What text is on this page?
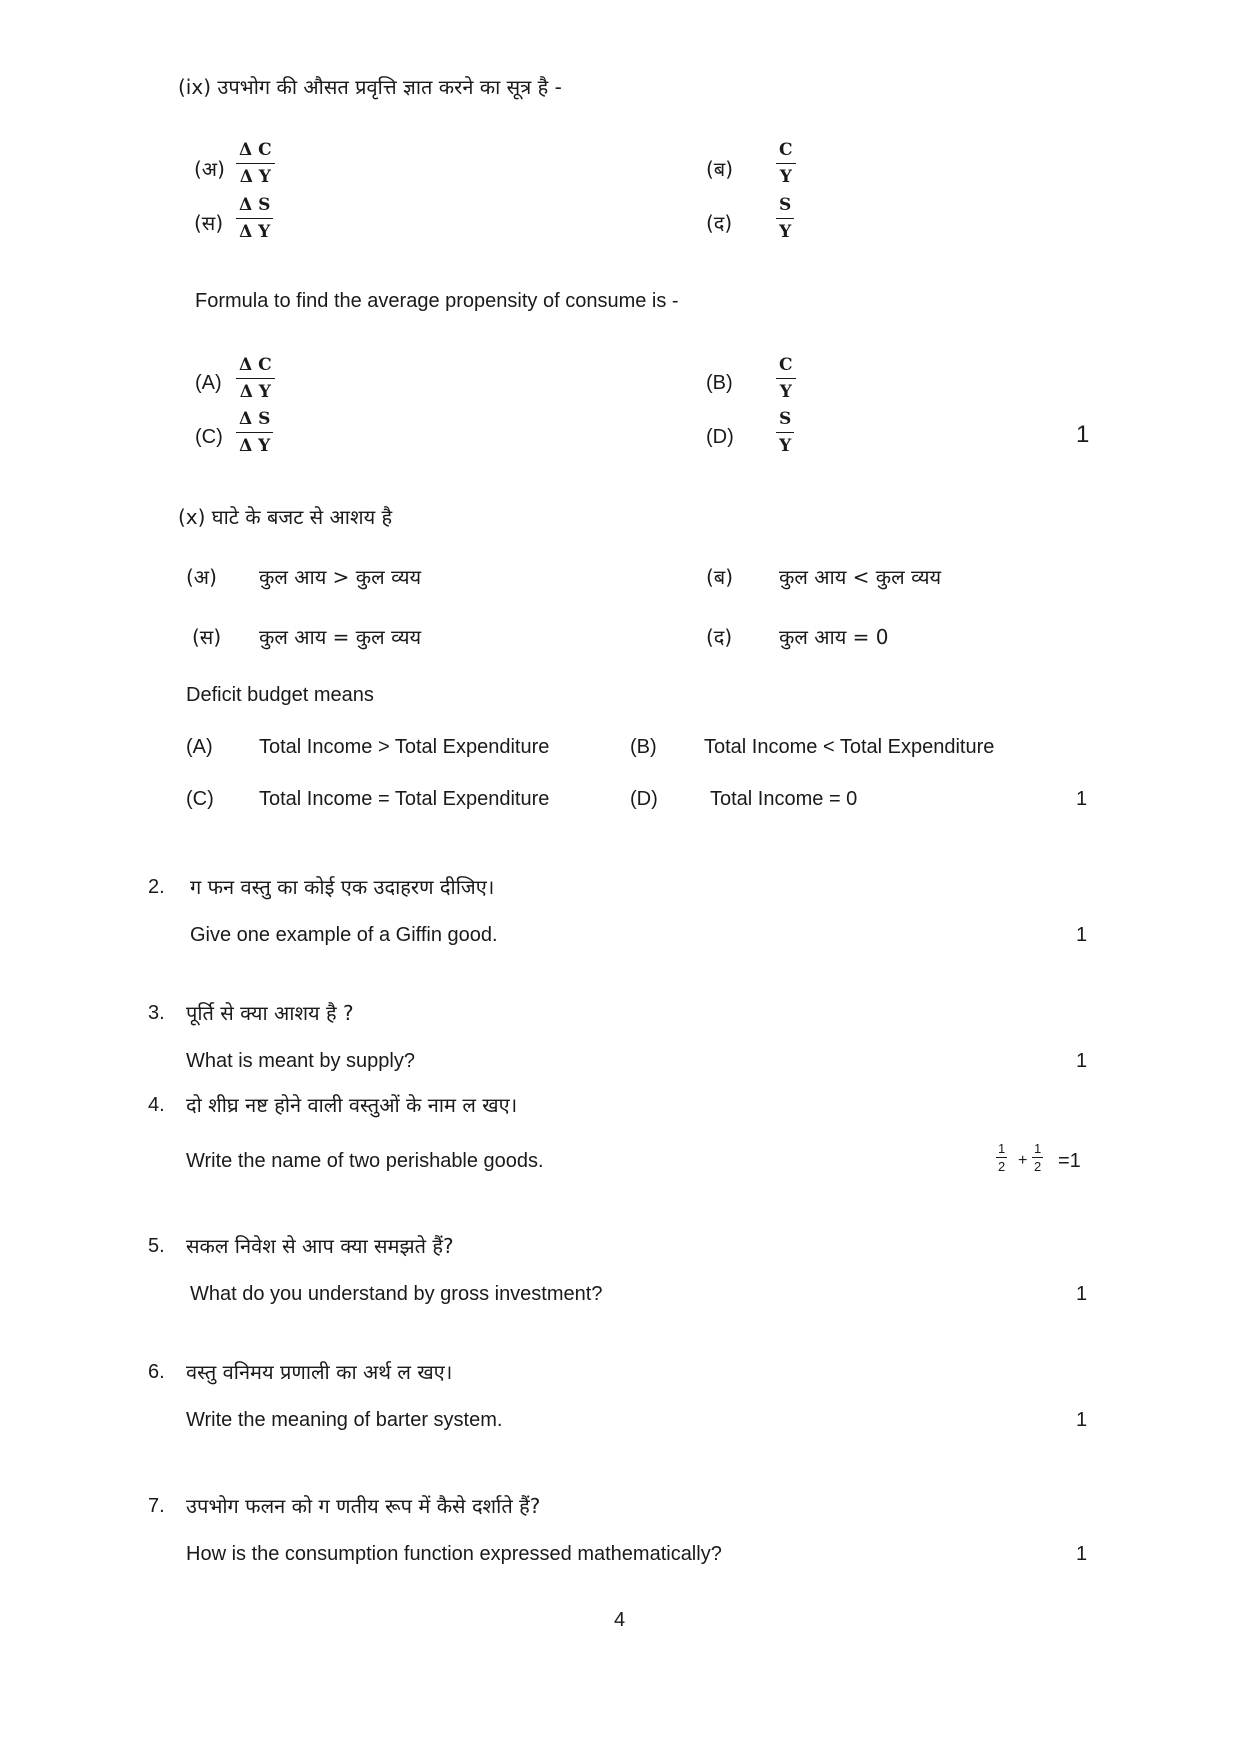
(ix) उपभोग की औसत प्रवृत्ति ज्ञात करने का सूत्र है -
(अ) $\frac{\text{Δ C}}{\text{Δ Y}}$	(ब)	$\frac{C}{Y}$
(स) $\frac{\text{Δ S}}{\text{Δ Y}}$	(द)	$\frac{S}{Y}$
Formula to find the average propensity of consume is -
$(A) \frac{\text{Δ C}}{\text{Δ Y}}$	(B)	$\frac{C}{Y}$
$(C) \frac{\text{Δ S}}{\text{Δ Y}}$	$(D) \frac{S}{Y}$	1
(x) घाटे के बजट से आशय है
(अ) कुल आय > कुल व्यय	(ब) कुल आय < कुल व्यय
(स) कुल आय = कुल व्यय	(द) कुल आय = 0
Deficit budget means
(A) Total Income > Total Expenditure	(B) Total Income < Total Expenditure
(C) Total Income = Total Expenditure	(D)	Total Income = 0	1
2. ग फन वस्तु का कोई एक उदाहरण दीजिए।
Give one example of a Giffin good.	1
3. पूर्ति से क्या आशय है ?
What is meant by supply?	1
4. दो शीघ्र नष्ट होने वाली वस्तुओं के नाम ल खए।
Write the name of two perishable goods.	$\frac{1}{2} + \frac{1}{2} =1$
5. सकल निवेश से आप क्या समझते हैं?
What do you understand by gross investment?	1
6. वस्तु वनिमय प्रणाली का अर्थ ल खए।
Write the meaning of barter system.	1
7. उपभोग फलन को ग णतीय रूप में कैसे दर्शाते हैं?
How is the consumption function expressed mathematically?	1
4
